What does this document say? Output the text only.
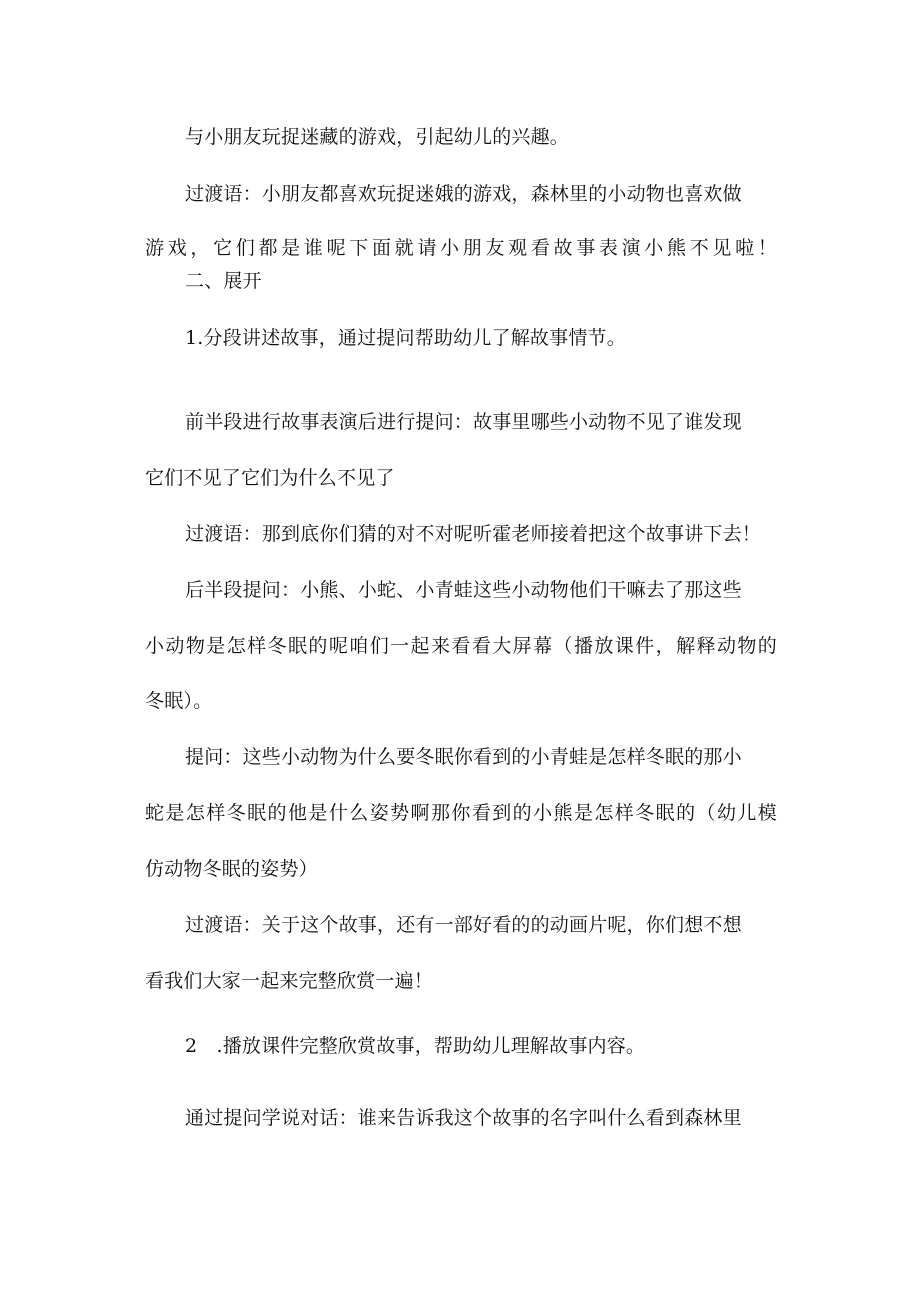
与小朋友玩捉迷藏的游戏，引起幼儿的兴趣。
过渡语：小朋友都喜欢玩捉迷娥的游戏，森林里的小动物也喜欢做
游戏，它们都是谁呢下面就请小朋友观看故事表演小熊不见啦！
二、展开
1.分段讲述故事，通过提问帮助幼儿了解故事情节。
前半段进行故事表演后进行提问：故事里哪些小动物不见了谁发现
它们不见了它们为什么不见了
过渡语：那到底你们猜的对不对呢听霍老师接着把这个故事讲下去！
后半段提问：小熊、小蛇、小青蛙这些小动物他们干嘛去了那这些
小动物是怎样冬眠的呢咱们一起来看看大屏幕（播放课件，解释动物的
冬眠）。
提问：这些小动物为什么要冬眠你看到的小青蛙是怎样冬眠的那小
蛇是怎样冬眠的他是什么姿势啊那你看到的小熊是怎样冬眠的（幼儿模
仿动物冬眠的姿势）
过渡语：关于这个故事，还有一部好看的的动画片呢，你们想不想
看我们大家一起来完整欣赏一遍！
2　.播放课件完整欣赏故事，帮助幼儿理解故事内容。
通过提问学说对话：谁来告诉我这个故事的名字叫什么看到森林里
